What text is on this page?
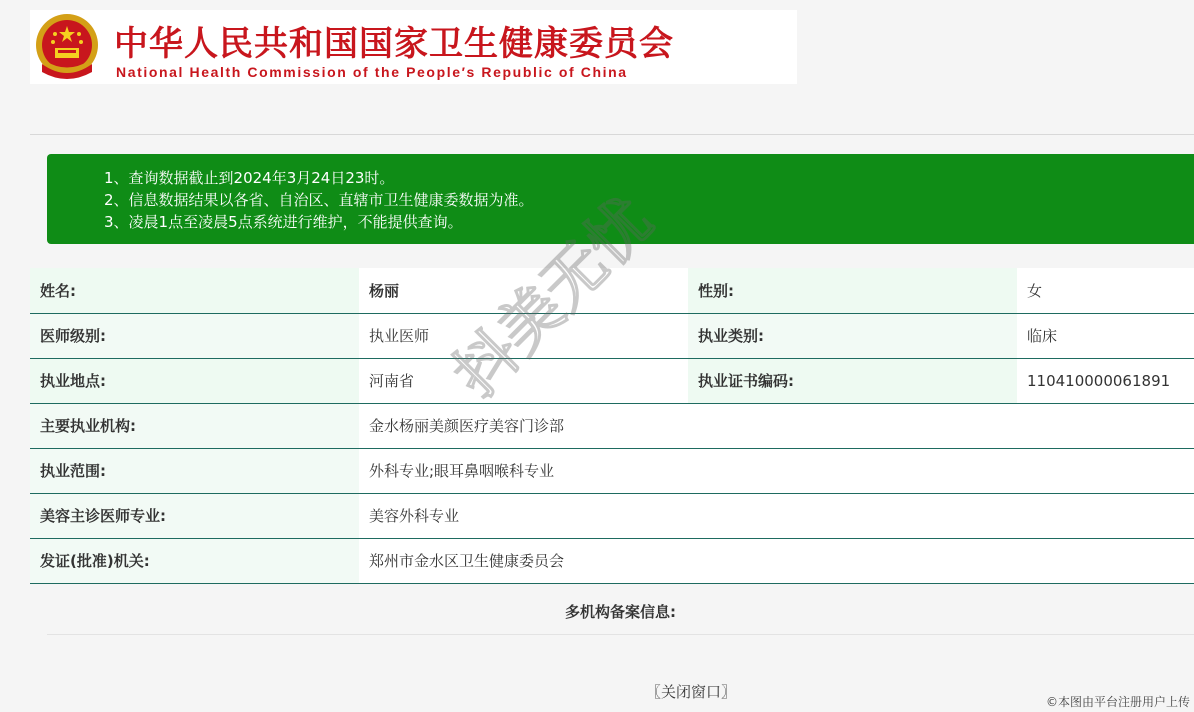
中华人民共和国国家卫生健康委员会
National Health Commission of the People′s Republic of China
1、查询数据截止到2024年3月24日23时。
2、信息数据结果以各省、自治区、直辖市卫生健康委数据为准。
3、凌晨1点至凌晨5点系统进行维护，不能提供查询。
姓名:	杨丽	性别:	女
医师级别:	执业医师	执业类别:	临床
执业地点:	河南省	执业证书编码:	110410000061891
主要执业机构:	金水杨丽美颜医疗美容门诊部		
执业范围:	外科专业;眼耳鼻咽喉科专业		
美容主诊医师专业:	美容外科专业		
发证(批准)机关:	郑州市金水区卫生健康委员会		
多机构备案信息:
〖关闭窗口〗
©本图由平台注册用户上传
